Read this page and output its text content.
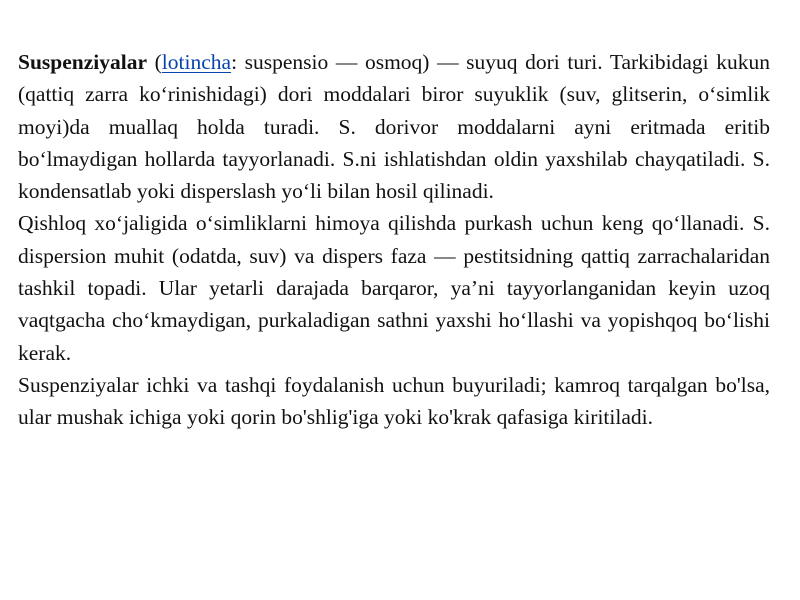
Suspenziyalar (lotincha: suspensio — osmoq) — suyuq dori turi. Tarkibidagi kukun (qattiq zarra ko‘rinishidagi) dori moddalari biror suyuklik (suv, glitserin, o‘simlik moyi)da muallaq holda turadi. S. dorivor moddalarni ayni eritmada eritib bo‘lmaydigan hollarda tayyorlanadi. S.ni ishlatishdan oldin yaxshilab chayqatiladi. S. kondensatlab yoki disperslash yo‘li bilan hosil qilinadi.

Qishloq xo‘jaligida o‘simliklarni himoya qilishda purkash uchun keng qo‘llanadi. S. dispersion muhit (odatda, suv) va dispers faza — pestitsidning qattiq zarrachalaridan tashkil topadi. Ular yetarli darajada barqaror, ya’ni tayyorlanganidan keyin uzoq vaqtgacha cho‘kmaydigan, purkaladigan sathni yaxshi ho‘llashi va yopishqoq bo‘lishi kerak.

Suspenziyalar ichki va tashqi foydalanish uchun buyuriladi; kamroq tarqalgan bo'lsa, ular mushak ichiga yoki qorin bo'shlig'iga yoki ko'krak qafasiga kiritiladi.
